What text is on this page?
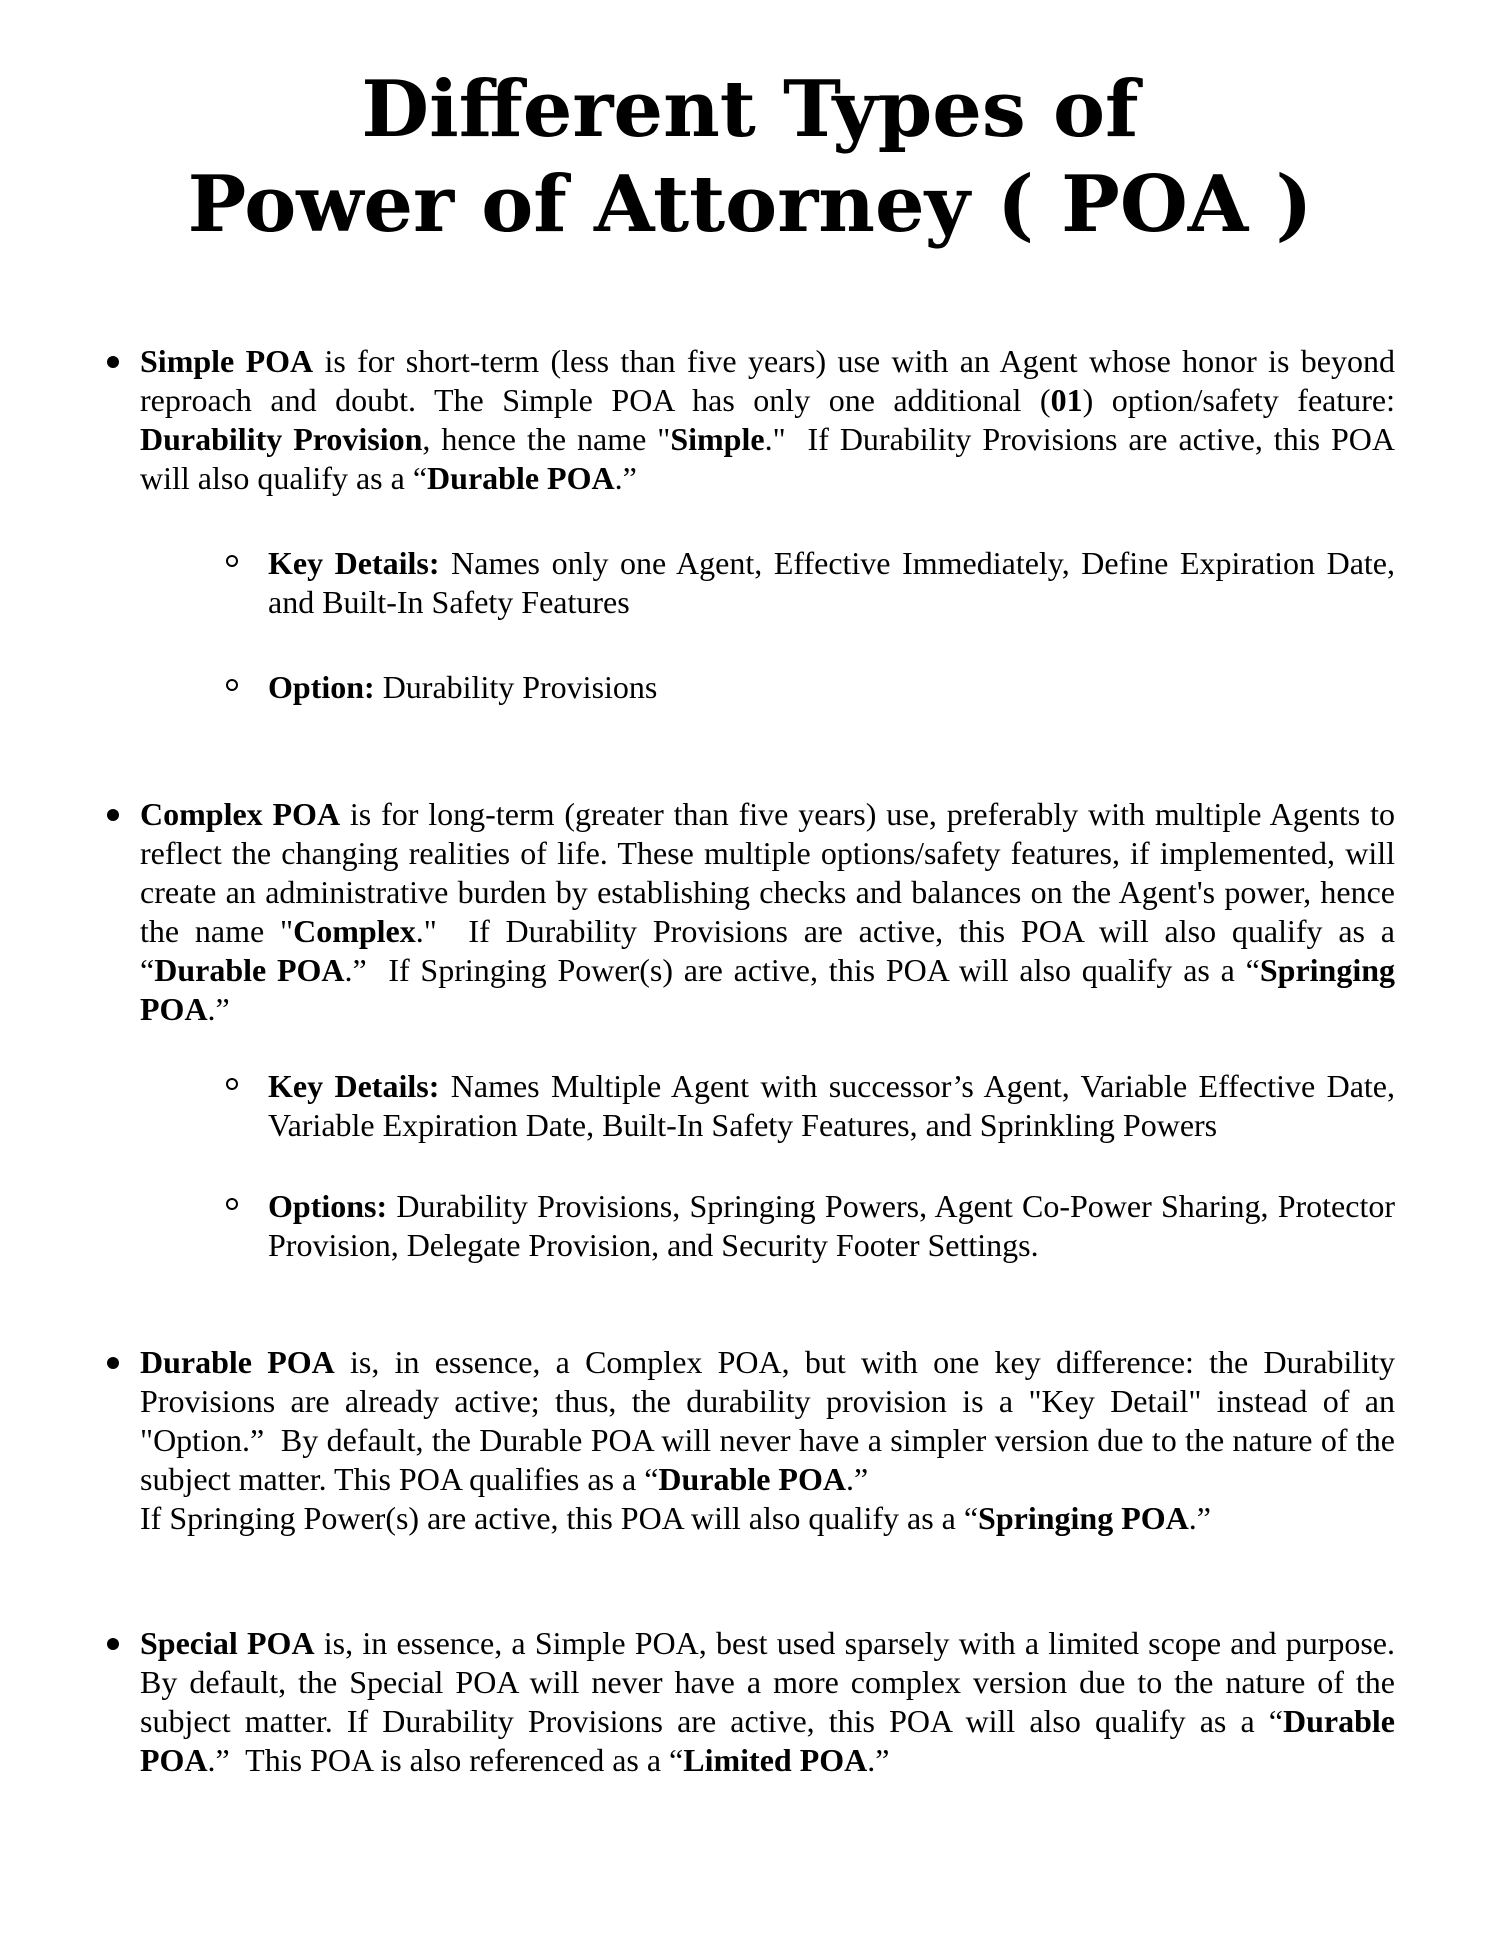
Different Types of
Power of Attorney ( POA )

Simple POA is for short-term (less than five years) use with an Agent whose honor is beyond reproach and doubt. The Simple POA has only one additional (01) option/safety feature: Durability Provision, hence the name "Simple."  If Durability Provisions are active, this POA will also qualify as a “Durable POA.”

Key Details: Names only one Agent, Effective Immediately, Define Expiration Date, and Built-In Safety Features

Option: Durability Provisions

Complex POA is for long-term (greater than five years) use, preferably with multiple Agents to reflect the changing realities of life. These multiple options/safety features, if implemented, will create an administrative burden by establishing checks and balances on the Agent's power, hence the name "Complex."  If Durability Provisions are active, this POA will also qualify as a “Durable POA.”  If Springing Power(s) are active, this POA will also qualify as a “Springing POA.”

Key Details: Names Multiple Agent with successor’s Agent, Variable Effective Date, Variable Expiration Date, Built-In Safety Features, and Sprinkling Powers

Options: Durability Provisions, Springing Powers, Agent Co-Power Sharing, Protector Provision, Delegate Provision, and Security Footer Settings.

Durable POA is, in essence, a Complex POA, but with one key difference: the Durability Provisions are already active; thus, the durability provision is a "Key Detail" instead of an "Option.”  By default, the Durable POA will never have a simpler version due to the nature of the subject matter. This POA qualifies as a “Durable POA.”
If Springing Power(s) are active, this POA will also qualify as a “Springing POA.”

Special POA is, in essence, a Simple POA, best used sparsely with a limited scope and purpose. By default, the Special POA will never have a more complex version due to the nature of the subject matter. If Durability Provisions are active, this POA will also qualify as a “Durable POA.”  This POA is also referenced as a “Limited POA.”
